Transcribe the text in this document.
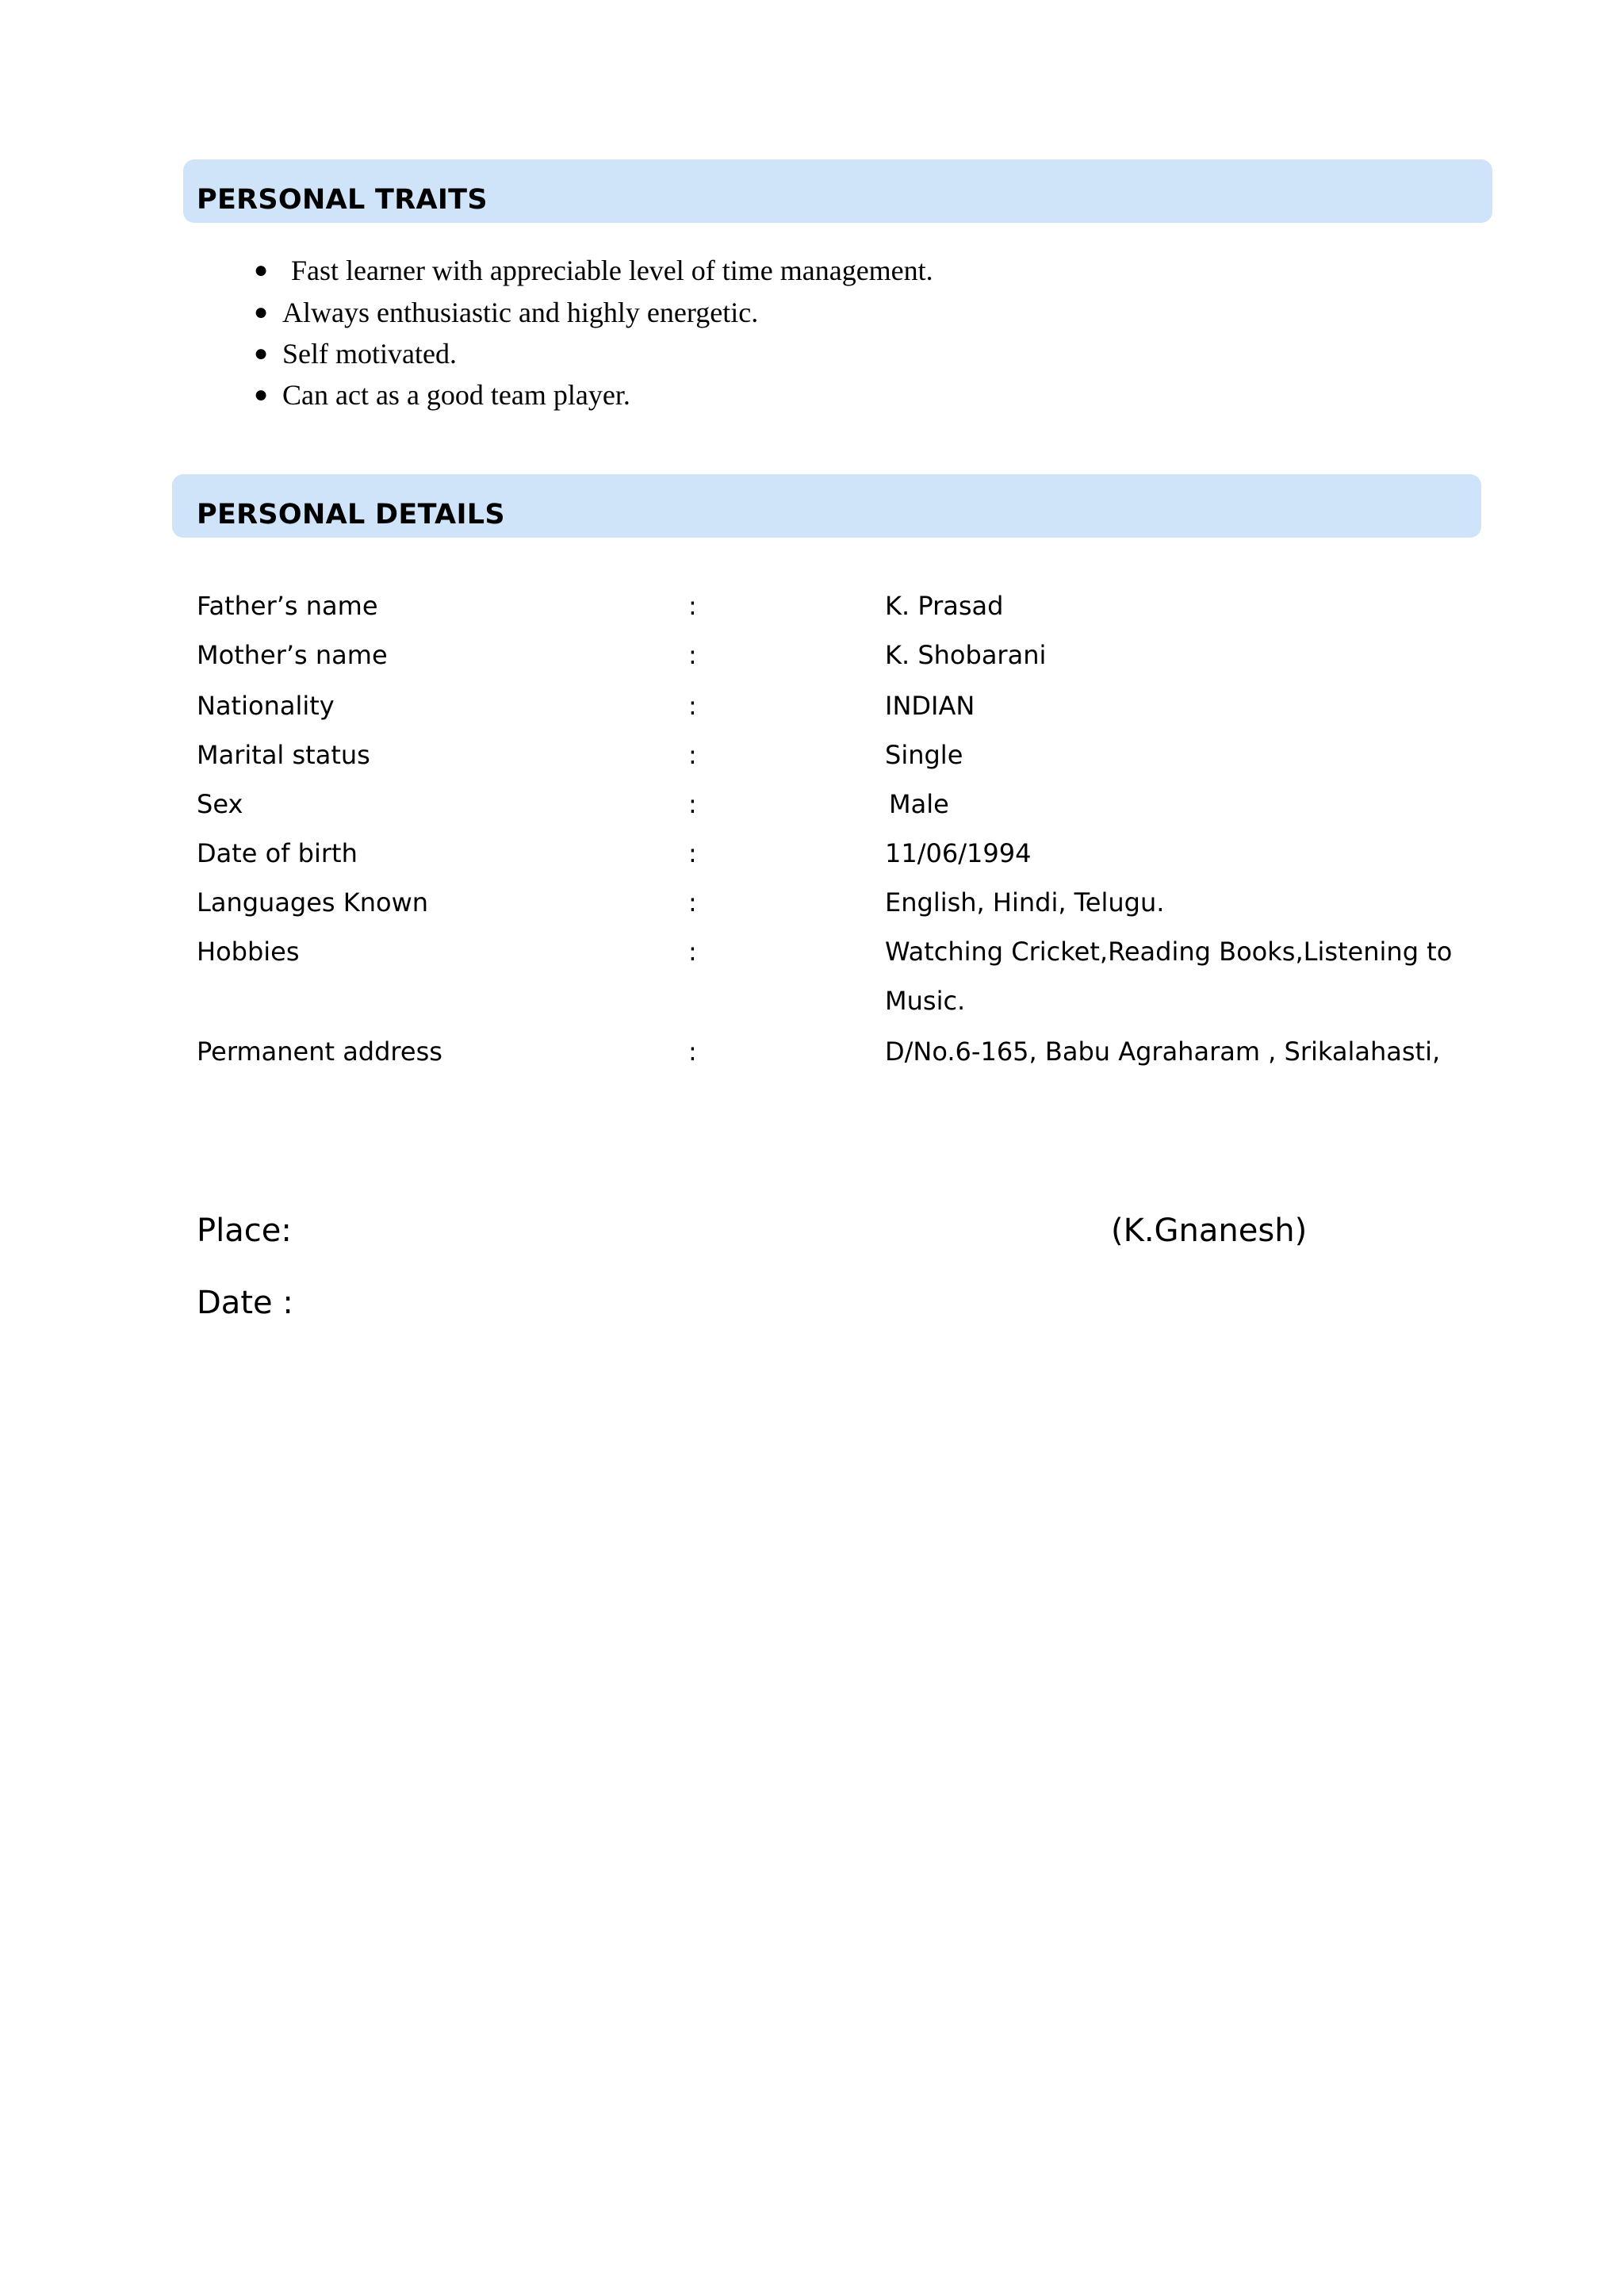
PERSONAL TRAITS
● Fast learner with appreciable level of time management.
● Always enthusiastic and highly energetic.
● Self motivated.
● Can act as a good team player.
PERSONAL DETAILS
Father’s name	:	K. Prasad
Mother’s name	:	K. Shobarani
Nationality	:	INDIAN
Marital status	:	Single
Sex	:	Male
Date of birth	:	11/06/1994
Languages Known	:	English, Hindi, Telugu.
Hobbies	:	Watching Cricket,Reading Books,Listening to
Music.
Permanent address	:	D/No.6-165, Babu Agraharam , Srikalahasti,
Place:	(K.Gnanesh)
Date :
